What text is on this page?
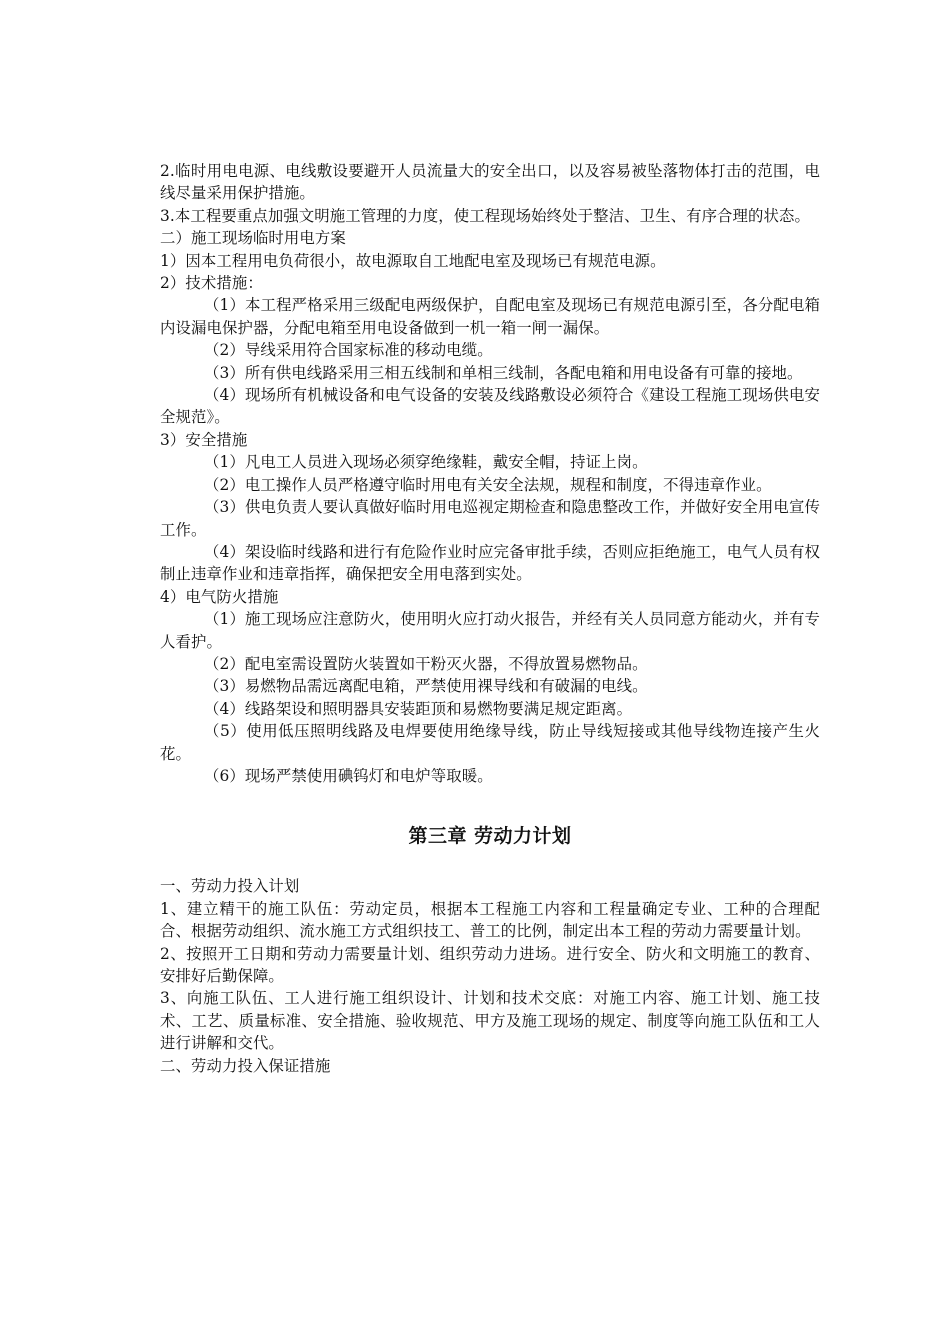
2.临时用电电源、电线敷设要避开人员流量大的安全出口，以及容易被坠落物体打击的范围，电线尽量采用保护措施。
3.本工程要重点加强文明施工管理的力度，使工程现场始终处于整洁、卫生、有序合理的状态。
二）施工现场临时用电方案
1）因本工程用电负荷很小，故电源取自工地配电室及现场已有规范电源。
2）技术措施：
（1）本工程严格采用三级配电两级保护，自配电室及现场已有规范电源引至，各分配电箱内设漏电保护器，分配电箱至用电设备做到一机一箱一闸一漏保。
（2）导线采用符合国家标准的移动电缆。
（3）所有供电线路采用三相五线制和单相三线制，各配电箱和用电设备有可靠的接地。
（4）现场所有机械设备和电气设备的安装及线路敷设必须符合《建设工程施工现场供电安全规范》。
3）安全措施
（1）凡电工人员进入现场必须穿绝缘鞋，戴安全帽，持证上岗。
（2）电工操作人员严格遵守临时用电有关安全法规，规程和制度，不得违章作业。
（3）供电负责人要认真做好临时用电巡视定期检查和隐患整改工作，并做好安全用电宣传工作。
（4）架设临时线路和进行有危险作业时应完备审批手续，否则应拒绝施工，电气人员有权制止违章作业和违章指挥，确保把安全用电落到实处。
4）电气防火措施
（1）施工现场应注意防火，使用明火应打动火报告，并经有关人员同意方能动火，并有专人看护。
（2）配电室需设置防火装置如干粉灭火器，不得放置易燃物品。
（3）易燃物品需远离配电箱，严禁使用裸导线和有破漏的电线。
（4）线路架设和照明器具安装距顶和易燃物要满足规定距离。
（5）使用低压照明线路及电焊要使用绝缘导线，防止导线短接或其他导线物连接产生火花。
（6）现场严禁使用碘钨灯和电炉等取暖。
第三章 劳动力计划
一、劳动力投入计划
1、建立精干的施工队伍：劳动定员，根据本工程施工内容和工程量确定专业、工种的合理配合、根据劳动组织、流水施工方式组织技工、普工的比例，制定出本工程的劳动力需要量计划。
2、按照开工日期和劳动力需要量计划、组织劳动力进场。进行安全、防火和文明施工的教育、安排好后勤保障。
3、向施工队伍、工人进行施工组织设计、计划和技术交底：对施工内容、施工计划、施工技术、工艺、质量标准、安全措施、验收规范、甲方及施工现场的规定、制度等向施工队伍和工人进行讲解和交代。
二、劳动力投入保证措施
